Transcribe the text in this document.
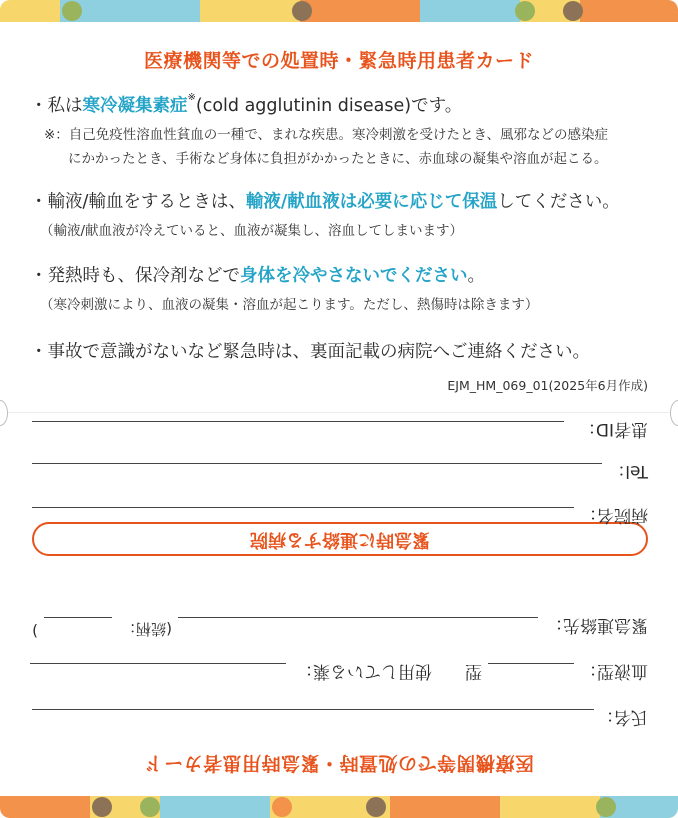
医療機関等での処置時・緊急時用患者カード
・私は寒冷凝集素症※(cold agglutinin disease)です。
※：自己免疫性溶血性貧血の一種で、まれな疾患。寒冷刺激を受けたとき、風邪などの感染症
にかかったとき、手術など身体に負担がかかったときに、赤血球の凝集や溶血が起こる。
・輸液/輸血をするときは、輸液/献血液は必要に応じて保温してください。
（輸液/献血液が冷えていると、血液が凝集し、溶血してしまいます）
・発熱時も、保冷剤などで身体を冷やさないでください。
（寒冷刺激により、血液の凝集・溶血が起こります。ただし、熱傷時は除きます）
・事故で意識がないなど緊急時は、裏面記載の病院へご連絡ください。
EJM_HM_069_01(2025年6月作成)
医療機関等での処置時・緊急時用患者カード
氏名：
血液型：
型
使用している薬：
緊急連絡先：
(続柄：
)
緊急時に連絡する病院
病院名：
Tel：
患者ID：
